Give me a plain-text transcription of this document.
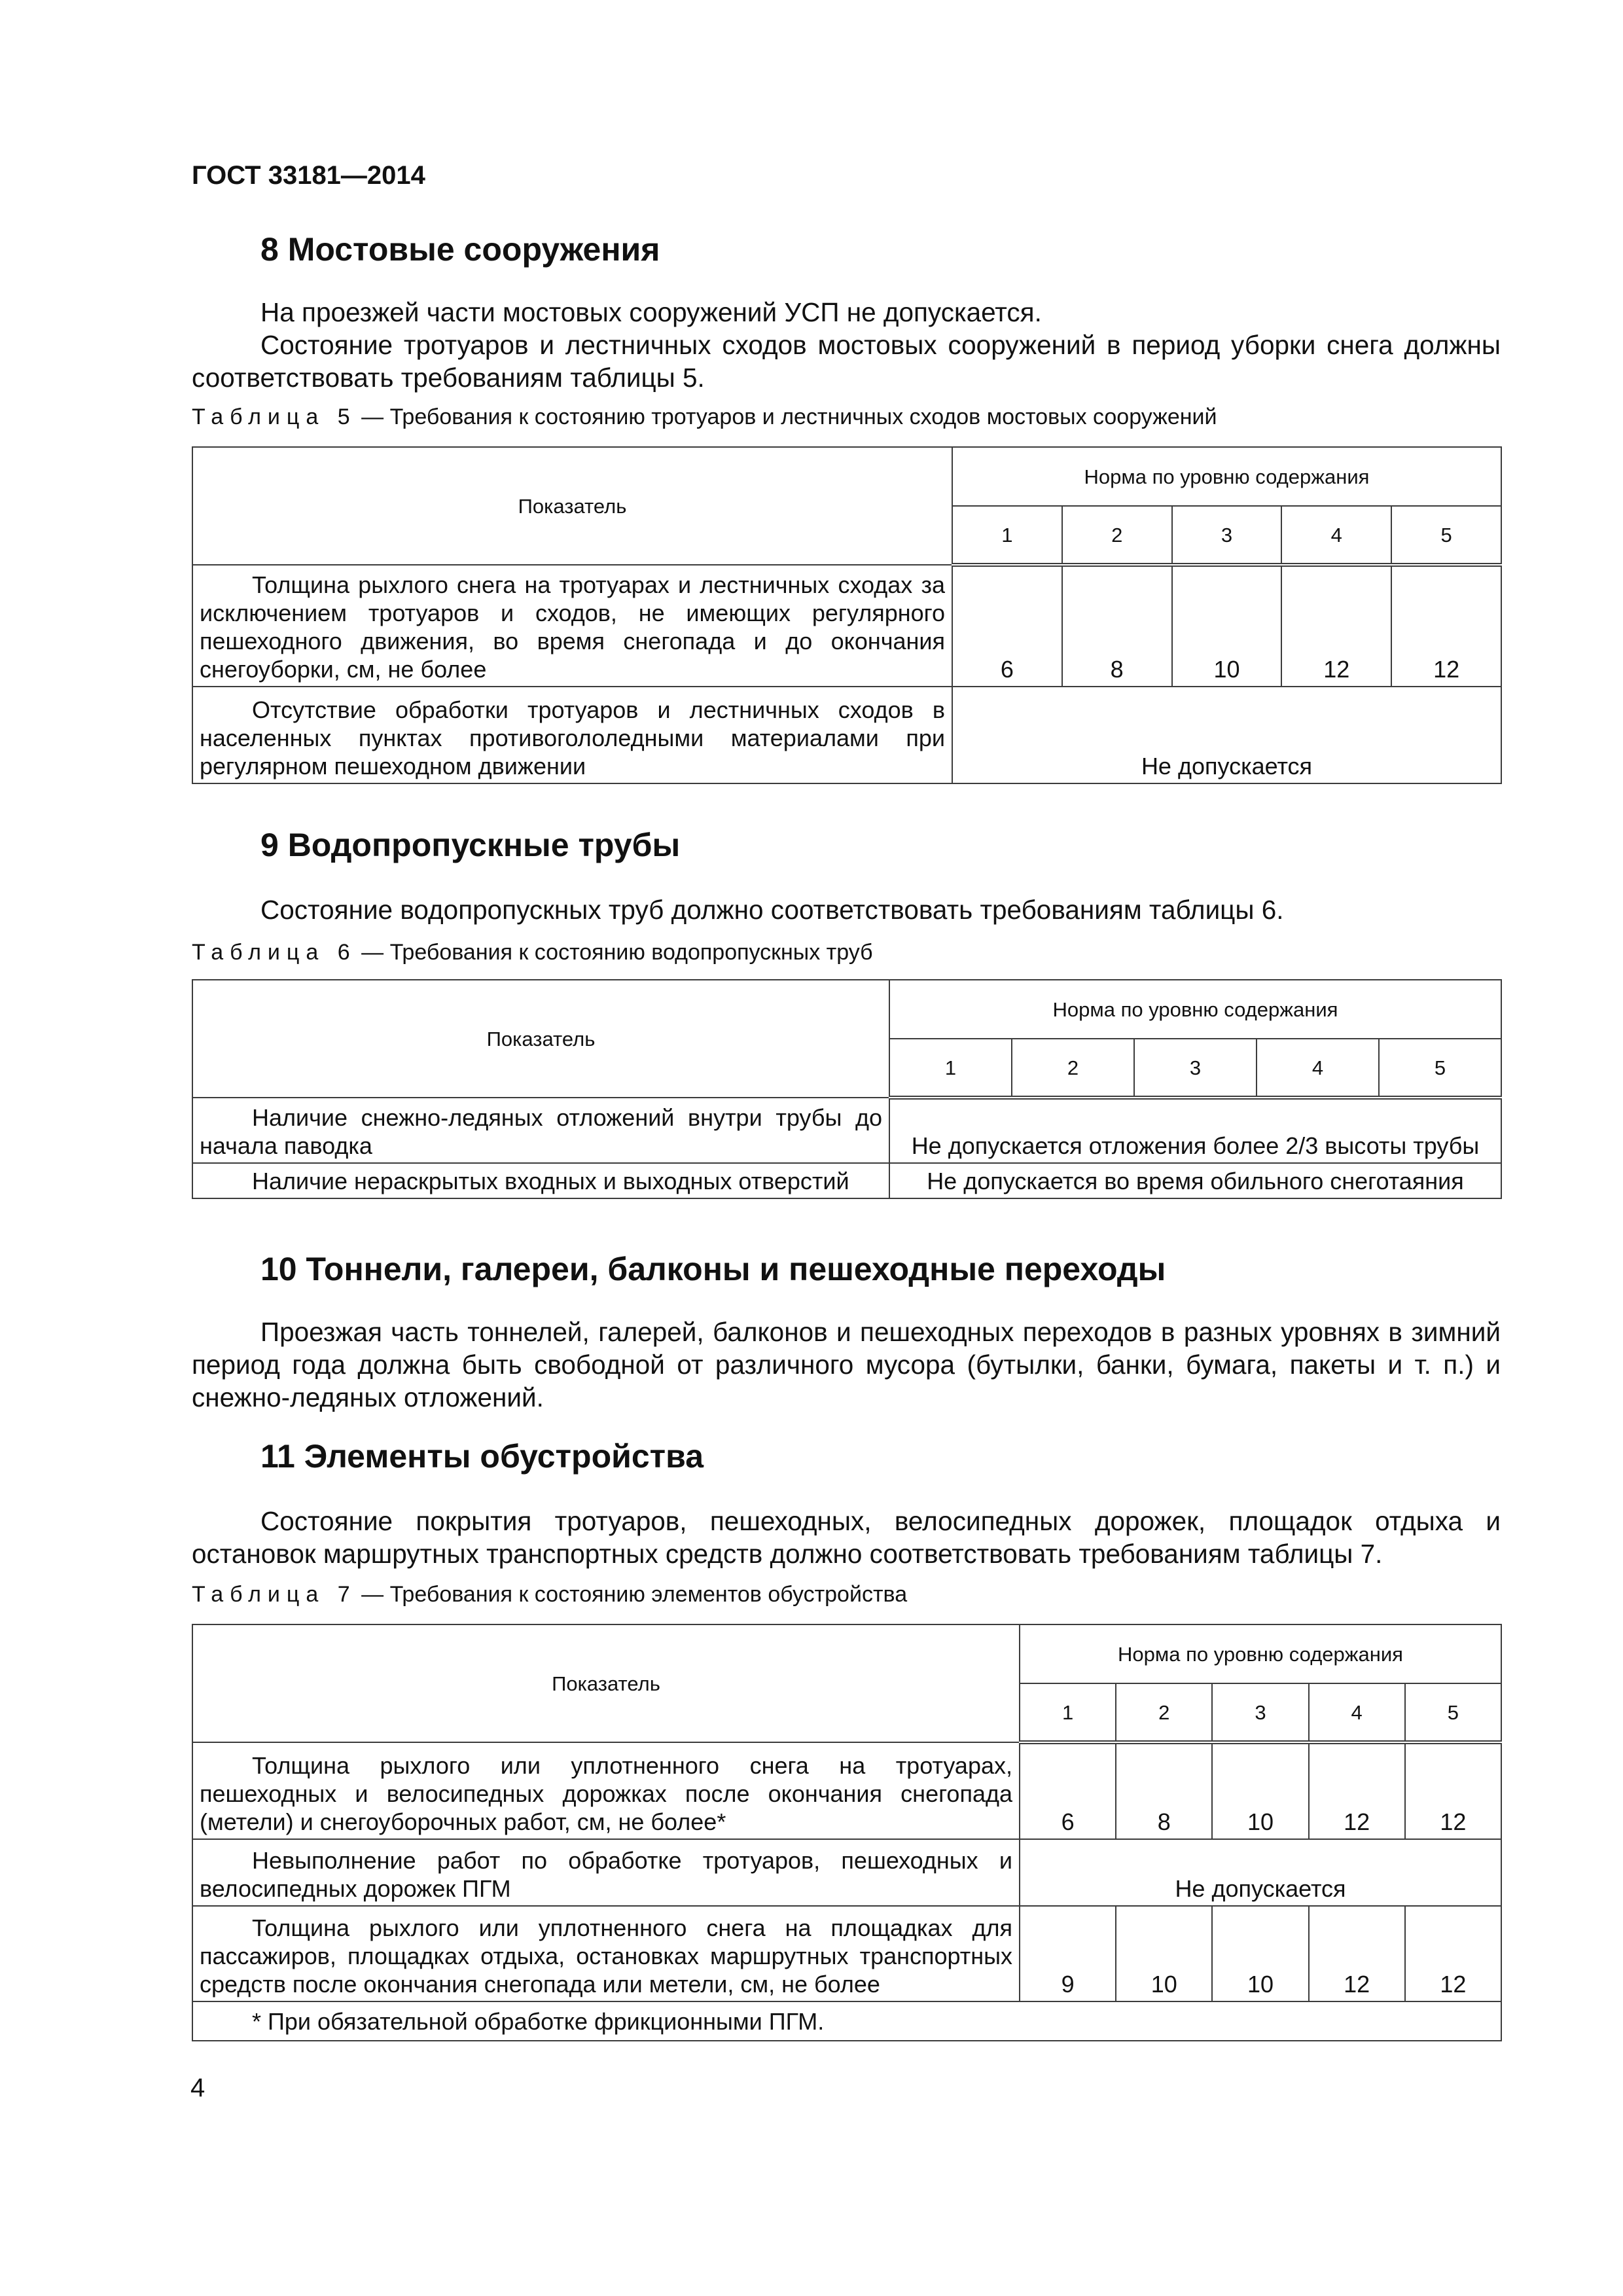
ГОСТ 33181—2014
8 Мостовые сооружения

На проезжей части мостовых сооружений УСП не допускается.

Состояние тротуаров и лестничных сходов мостовых сооружений в период уборки снега должны соответствовать требованиям таблицы 5.

Таблица 5 — Требования к состоянию тротуаров и лестничных сходов мостовых сооружений
Показатель	Норма по уровню содержания				
	1	2	3	4	5
Толщина рыхлого снега на тротуарах и лестничных сходах за исключением тротуаров и сходов, не имеющих регулярного пешеходного движения, во время снегопада и до окончания снегоуборки, см, не более	6	8	10	12	12
Отсутствие обработки тротуаров и лестничных сходов в населенных пунктах противогололедными материалами при регулярном пешеходном движении	Не допускается				
9 Водопропускные трубы

Состояние водопропускных труб должно соответствовать требованиям таблицы 6.

Таблица 6 — Требования к состоянию водопропускных труб
Показатель	Норма по уровню содержания				
	1	2	3	4	5
Наличие снежно-ледяных отложений внутри трубы до начала паводка	Не допускается отложения более 2/3 высоты трубы				
Наличие нераскрытых входных и выходных отверстий	Не допускается во время обильного снеготаяния				
10 Тоннели, галереи, балконы и пешеходные переходы

Проезжая часть тоннелей, галерей, балконов и пешеходных переходов в разных уровнях в зимний период года должна быть свободной от различного мусора (бутылки, банки, бумага, пакеты и т. п.) и снежно-ледяных отложений.

11 Элементы обустройства

Состояние покрытия тротуаров, пешеходных, велосипедных дорожек, площадок отдыха и остановок маршрутных транспортных средств должно соответствовать требованиям таблицы 7.

Таблица 7 — Требования к состоянию элементов обустройства
Показатель	Норма по уровню содержания				
	1	2	3	4	5
Толщина рыхлого или уплотненного снега на тротуарах, пешеходных и велосипедных дорожках после окончания снегопада (метели) и снегоуборочных работ, см, не более*	6	8	10	12	12
Невыполнение работ по обработке тротуаров, пешеходных и велосипедных дорожек ПГМ	Не допускается				
Толщина рыхлого или уплотненного снега на площадках для пассажиров, площадках отдыха, остановках маршрутных транспортных средств после окончания снегопада или метели, см, не более	9	10	10	12	12
* При обязательной обработке фрикционными ПГМ.					
4
